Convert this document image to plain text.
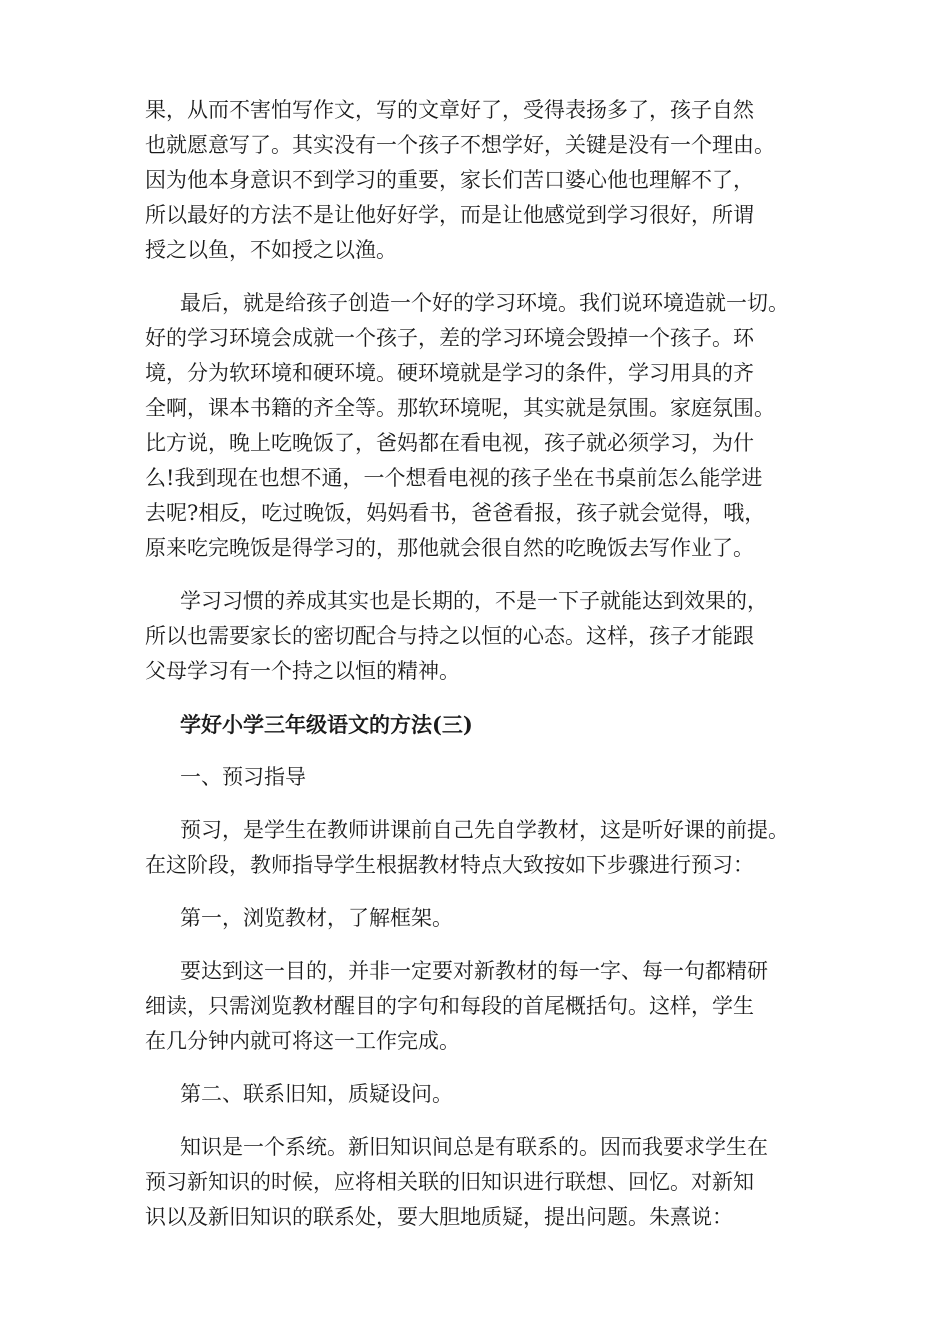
果，从而不害怕写作文，写的文章好了，受得表扬多了，孩子自然
也就愿意写了。其实没有一个孩子不想学好，关键是没有一个理由。
因为他本身意识不到学习的重要，家长们苦口婆心他也理解不了，
所以最好的方法不是让他好好学，而是让他感觉到学习很好，所谓
授之以鱼，不如授之以渔。

最后，就是给孩子创造一个好的学习环境。我们说环境造就一切。
好的学习环境会成就一个孩子，差的学习环境会毁掉一个孩子。环
境，分为软环境和硬环境。硬环境就是学习的条件，学习用具的齐
全啊，课本书籍的齐全等。那软环境呢，其实就是氛围。家庭氛围。
比方说，晚上吃晚饭了，爸妈都在看电视，孩子就必须学习，为什
么!我到现在也想不通，一个想看电视的孩子坐在书桌前怎么能学进
去呢?相反，吃过晚饭，妈妈看书，爸爸看报，孩子就会觉得，哦，
原来吃完晚饭是得学习的，那他就会很自然的吃晚饭去写作业了。

学习习惯的养成其实也是长期的，不是一下子就能达到效果的，
所以也需要家长的密切配合与持之以恒的心态。这样，孩子才能跟
父母学习有一个持之以恒的精神。

学好小学三年级语文的方法(三)

一、预习指导

预习，是学生在教师讲课前自己先自学教材，这是听好课的前提。
在这阶段，教师指导学生根据教材特点大致按如下步骤进行预习：

第一，浏览教材，了解框架。

要达到这一目的，并非一定要对新教材的每一字、每一句都精研
细读，只需浏览教材醒目的字句和每段的首尾概括句。这样，学生
在几分钟内就可将这一工作完成。

第二、联系旧知，质疑设问。

知识是一个系统。新旧知识间总是有联系的。因而我要求学生在
预习新知识的时候，应将相关联的旧知识进行联想、回忆。对新知
识以及新旧知识的联系处，要大胆地质疑，提出问题。朱熹说：
